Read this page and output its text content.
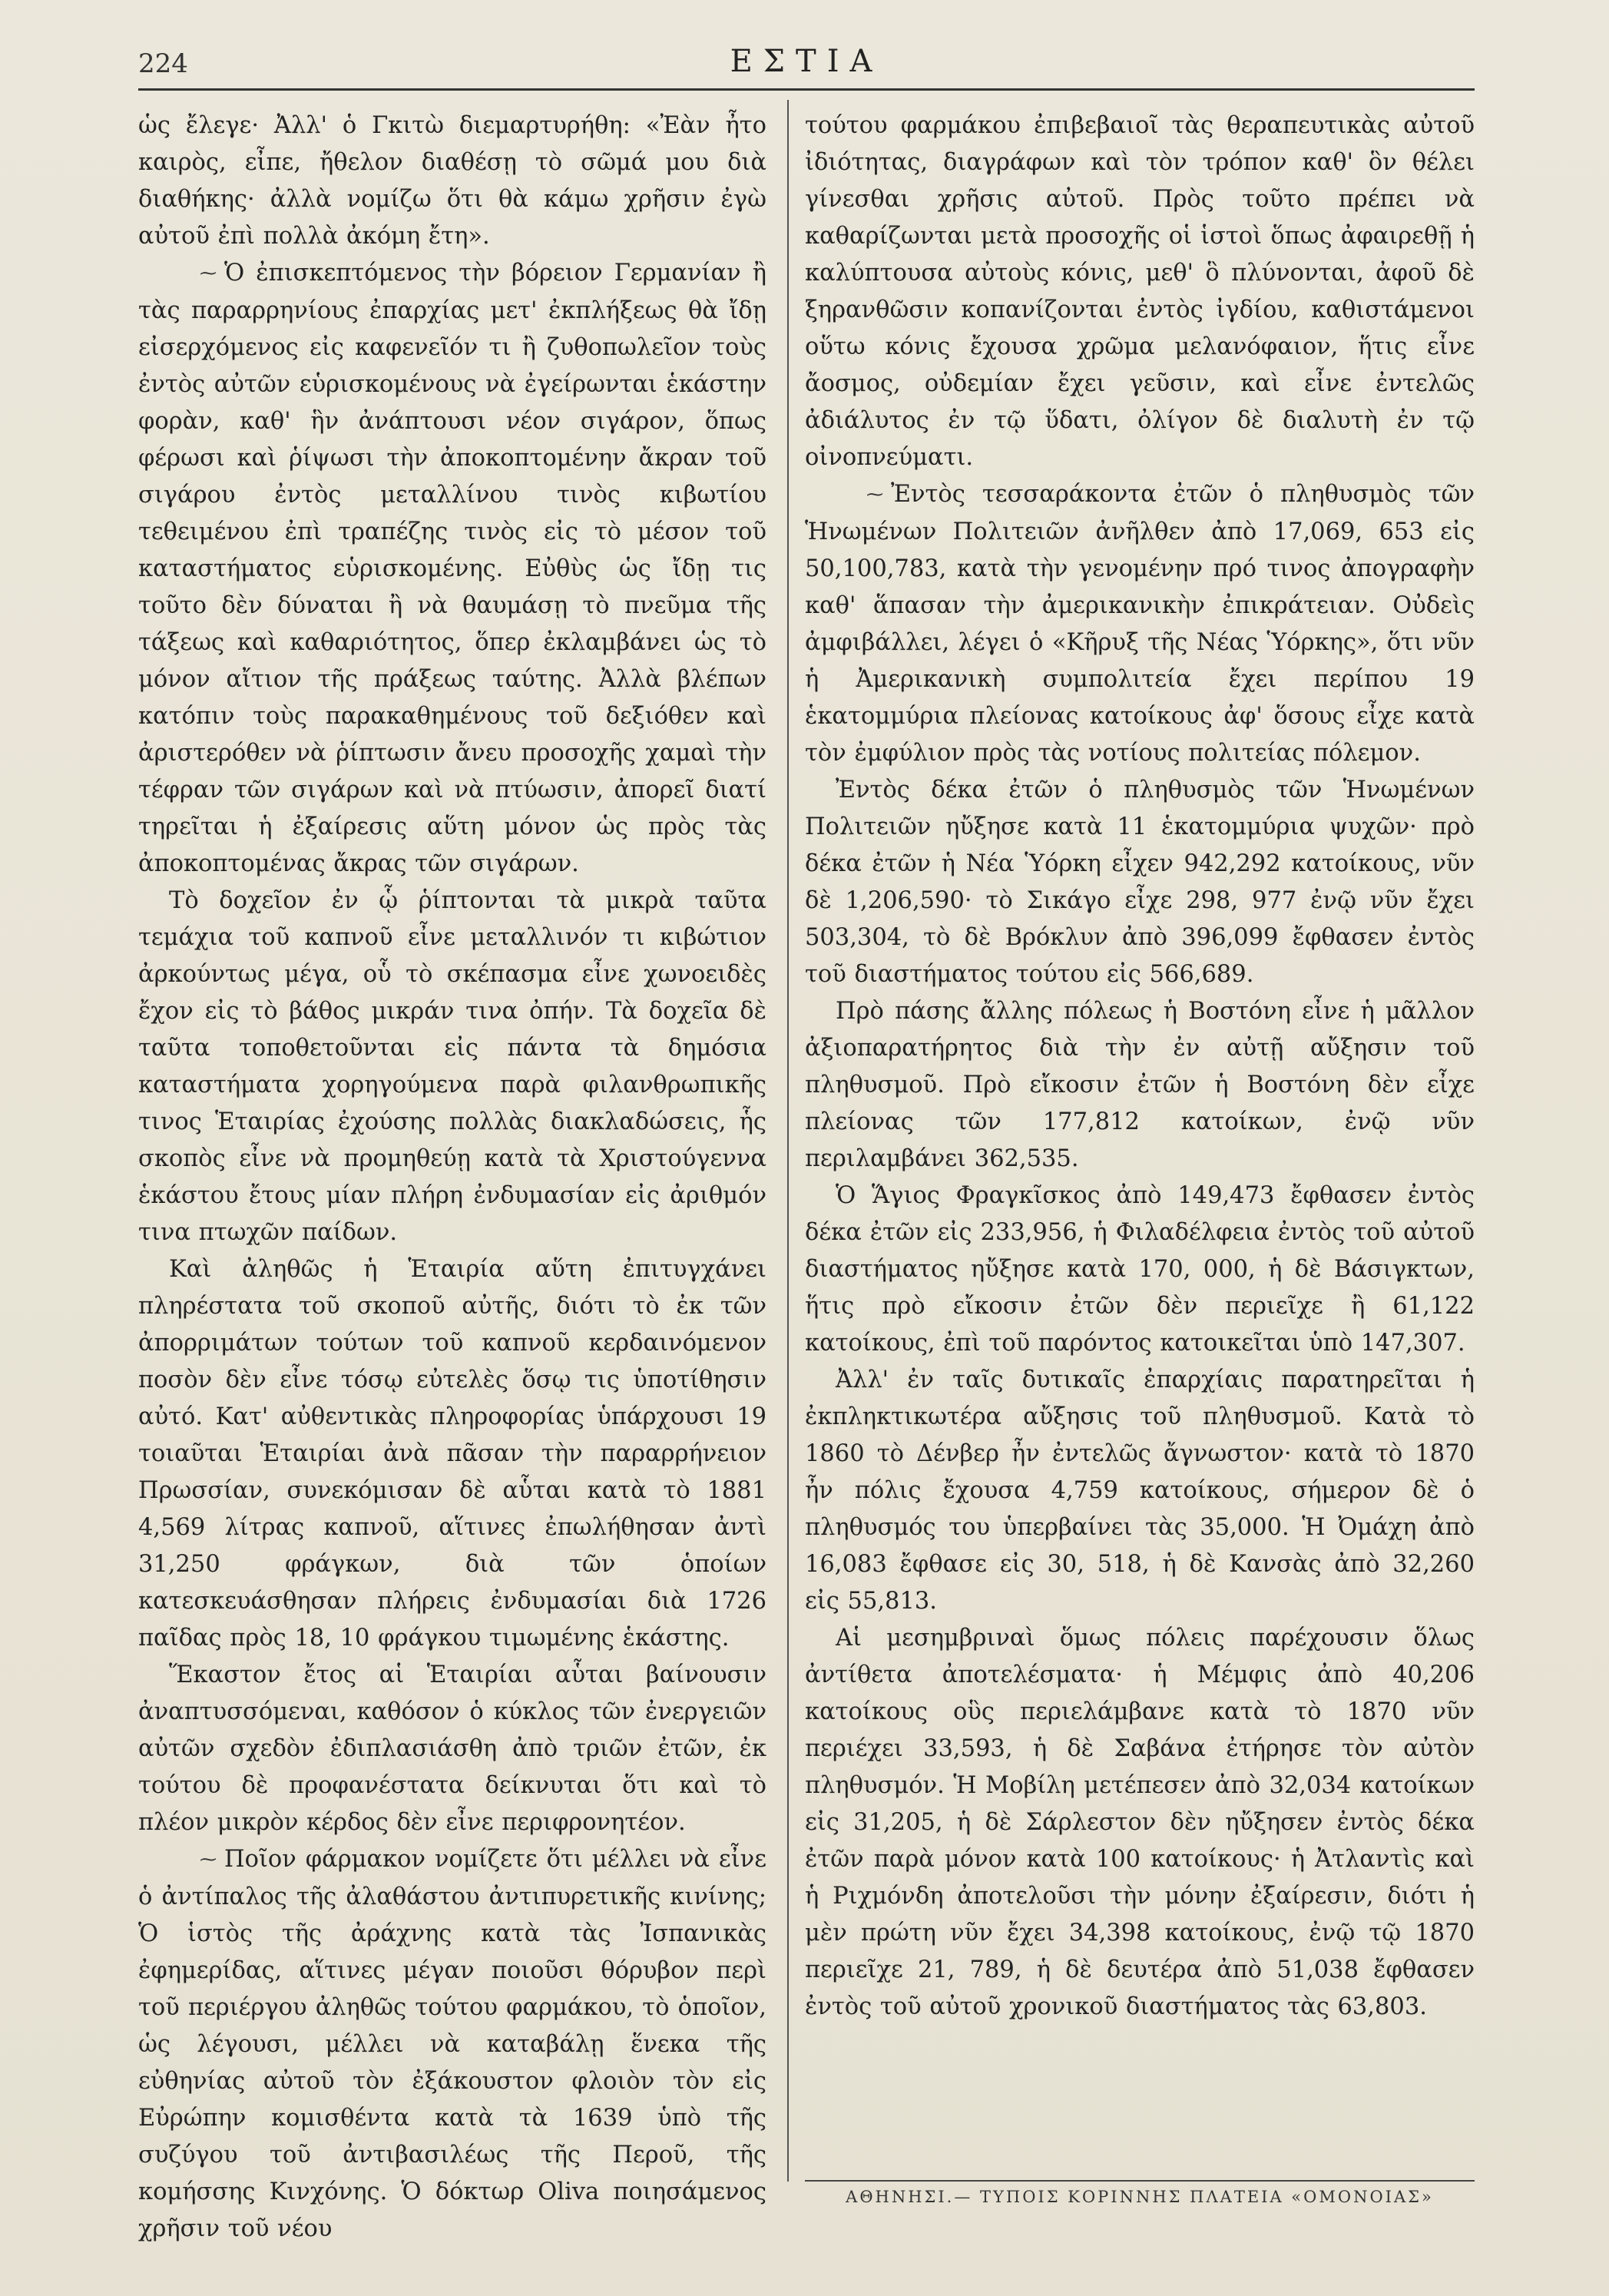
224	ΕΣΤΙΑ

ὡς ἔλεγε· Ἀλλ' ὁ Γκιτὼ διεμαρτυρήθη: «Ἐὰν ἦτο καιρὸς, εἶπε, ἤθελον διαθέσῃ τὸ σῶμά μου διὰ διαθήκης· ἀλλὰ νομίζω ὅτι θὰ κάμω χρῆσιν ἐγὼ αὐτοῦ ἐπὶ πολλὰ ἀκόμη ἔτη».

⁓ Ὁ ἐπισκεπτόμενος τὴν βόρειον Γερμανίαν ἢ τὰς παραρρηνίους ἐπαρχίας μετ' ἐκπλήξεως θὰ ἴδῃ εἰσερχόμενος εἰς καφενεῖόν τι ἢ ζυθοπωλεῖον τοὺς ἐντὸς αὐτῶν εὑρισκομένους νὰ ἐγείρωνται ἑκάστην φορὰν, καθ' ἣν ἀνάπτουσι νέον σιγάρον, ὅπως φέρωσι καὶ ῥίψωσι τὴν ἀποκοπτομένην ἄκραν τοῦ σιγάρου ἐντὸς μεταλλίνου τινὸς κιβωτίου τεθειμένου ἐπὶ τραπέζης τινὸς εἰς τὸ μέσον τοῦ καταστήματος εὑρισκομένης. Εὐθὺς ὡς ἴδῃ τις τοῦτο δὲν δύναται ἢ νὰ θαυμάσῃ τὸ πνεῦμα τῆς τάξεως καὶ καθαριότητος, ὅπερ ἐκλαμβάνει ὡς τὸ μόνον αἴτιον τῆς πράξεως ταύτης. Ἀλλὰ βλέπων κατόπιν τοὺς παρακαθημένους τοῦ δεξιόθεν καὶ ἀριστερόθεν νὰ ῥίπτωσιν ἄνευ προσοχῆς χαμαὶ τὴν τέφραν τῶν σιγάρων καὶ νὰ πτύωσιν, ἀπορεῖ διατί τηρεῖται ἡ ἐξαίρεσις αὕτη μόνον ὡς πρὸς τὰς ἀποκοπτομένας ἄκρας τῶν σιγάρων.

Τὸ δοχεῖον ἐν ᾧ ῥίπτονται τὰ μικρὰ ταῦτα τεμάχια τοῦ καπνοῦ εἶνε μεταλλινόν τι κιβώτιον ἀρκούντως μέγα, οὗ τὸ σκέπασμα εἶνε χωνοειδὲς ἔχον εἰς τὸ βάθος μικράν τινα ὀπήν. Τὰ δοχεῖα δὲ ταῦτα τοποθετοῦνται εἰς πάντα τὰ δημόσια καταστήματα χορηγούμενα παρὰ φιλανθρωπικῆς τινος Ἑταιρίας ἐχούσης πολλὰς διακλαδώσεις, ἧς σκοπὸς εἶνε νὰ προμηθεύῃ κατὰ τὰ Χριστούγεννα ἑκάστου ἔτους μίαν πλήρη ἐνδυμασίαν εἰς ἀριθμόν τινα πτωχῶν παίδων.

Καὶ ἀληθῶς ἡ Ἑταιρία αὕτη ἐπιτυγχάνει πληρέστατα τοῦ σκοποῦ αὐτῆς, διότι τὸ ἐκ τῶν ἀπορριμάτων τούτων τοῦ καπνοῦ κερδαινόμενον ποσὸν δὲν εἶνε τόσῳ εὐτελὲς ὅσῳ τις ὑποτίθησιν αὐτό. Κατ' αὐθεντικὰς πληροφορίας ὑπάρχουσι 19 τοιαῦται Ἑταιρίαι ἀνὰ πᾶσαν τὴν παραρρήνειον Πρωσσίαν, συνεκόμισαν δὲ αὗται κατὰ τὸ 1881 4,569 λίτρας καπνοῦ, αἵτινες ἐπωλήθησαν ἀντὶ 31,250 φράγκων, διὰ τῶν ὁποίων κατεσκευάσθησαν πλήρεις ἐνδυμασίαι διὰ 1726 παῖδας πρὸς 18, 10 φράγκου τιμωμένης ἑκάστης.

Ἕκαστον ἔτος αἱ Ἑταιρίαι αὗται βαίνουσιν ἀναπτυσσόμεναι, καθόσον ὁ κύκλος τῶν ἐνεργειῶν αὐτῶν σχεδὸν ἐδιπλασιάσθη ἀπὸ τριῶν ἐτῶν, ἐκ τούτου δὲ προφανέστατα δείκνυται ὅτι καὶ τὸ πλέον μικρὸν κέρδος δὲν εἶνε περιφρονητέον.

⁓ Ποῖον φάρμακον νομίζετε ὅτι μέλλει νὰ εἶνε ὁ ἀντίπαλος τῆς ἀλαθάστου ἀντιπυρετικῆς κινίνης; Ὁ ἱστὸς τῆς ἀράχνης κατὰ τὰς Ἰσπανικὰς ἐφημερίδας, αἵτινες μέγαν ποιοῦσι θόρυβον περὶ τοῦ περιέργου ἀληθῶς τούτου φαρμάκου, τὸ ὁποῖον, ὡς λέγουσι, μέλλει νὰ καταβάλῃ ἕνεκα τῆς εὐθηνίας αὐτοῦ τὸν ἐξάκουστον φλοιὸν τὸν εἰς Εὐρώπην κομισθέντα κατὰ τὰ 1639 ὑπὸ τῆς συζύγου τοῦ ἀντιβασιλέως τῆς Περοῦ, τῆς κομήσσης Κινχόνης. Ὁ δόκτωρ Oliva ποιησάμενος χρῆσιν τοῦ νέου

τούτου φαρμάκου ἐπιβεβαιοῖ τὰς θεραπευτικὰς αὐτοῦ ἰδιότητας, διαγράφων καὶ τὸν τρόπον καθ' ὃν θέλει γίνεσθαι χρῆσις αὐτοῦ. Πρὸς τοῦτο πρέπει νὰ καθαρίζωνται μετὰ προσοχῆς οἱ ἱστοὶ ὅπως ἀφαιρεθῇ ἡ καλύπτουσα αὐτοὺς κόνις, μεθ' ὃ πλύνονται, ἀφοῦ δὲ ξηρανθῶσιν κοπανίζονται ἐντὸς ἰγδίου, καθιστάμενοι οὕτω κόνις ἔχουσα χρῶμα μελανόφαιον, ἥτις εἶνε ἄοσμος, οὐδεμίαν ἔχει γεῦσιν, καὶ εἶνε ἐντελῶς ἀδιάλυτος ἐν τῷ ὕδατι, ὀλίγον δὲ διαλυτὴ ἐν τῷ οἰνοπνεύματι.

⁓ Ἐντὸς τεσσαράκοντα ἐτῶν ὁ πληθυσμὸς τῶν Ἡνωμένων Πολιτειῶν ἀνῆλθεν ἀπὸ 17,069, 653 εἰς 50,100,783, κατὰ τὴν γενομένην πρό τινος ἀπογραφὴν καθ' ἅπασαν τὴν ἀμερικανικὴν ἐπικράτειαν. Οὐδεὶς ἀμφιβάλλει, λέγει ὁ «Κῆρυξ τῆς Νέας Ὑόρκης», ὅτι νῦν ἡ Ἀμερικανικὴ συμπολιτεία ἔχει περίπου 19 ἑκατομμύρια πλείονας κατοίκους ἀφ' ὅσους εἶχε κατὰ τὸν ἐμφύλιον πρὸς τὰς νοτίους πολιτείας πόλεμον.

Ἐντὸς δέκα ἐτῶν ὁ πληθυσμὸς τῶν Ἡνωμένων Πολιτειῶν ηὔξησε κατὰ 11 ἑκατομμύρια ψυχῶν· πρὸ δέκα ἐτῶν ἡ Νέα Ὑόρκη εἶχεν 942,292 κατοίκους, νῦν δὲ 1,206,590· τὸ Σικάγο εἶχε 298, 977 ἐνῷ νῦν ἔχει 503,304, τὸ δὲ Βρόκλυν ἀπὸ 396,099 ἔφθασεν ἐντὸς τοῦ διαστήματος τούτου εἰς 566,689.

Πρὸ πάσης ἄλλης πόλεως ἡ Βοστόνη εἶνε ἡ μᾶλλον ἀξιοπαρατήρητος διὰ τὴν ἐν αὐτῇ αὔξησιν τοῦ πληθυσμοῦ. Πρὸ εἴκοσιν ἐτῶν ἡ Βοστόνη δὲν εἶχε πλείονας τῶν 177,812 κατοίκων, ἐνῷ νῦν περιλαμβάνει 362,535.

Ὁ Ἅγιος Φραγκῖσκος ἀπὸ 149,473 ἔφθασεν ἐντὸς δέκα ἐτῶν εἰς 233,956, ἡ Φιλαδέλφεια ἐντὸς τοῦ αὐτοῦ διαστήματος ηὔξησε κατὰ 170, 000, ἡ δὲ Βάσιγκτων, ἥτις πρὸ εἴκοσιν ἐτῶν δὲν περιεῖχε ἢ 61,122 κατοίκους, ἐπὶ τοῦ παρόντος κατοικεῖται ὑπὸ 147,307.

Ἀλλ' ἐν ταῖς δυτικαῖς ἐπαρχίαις παρατηρεῖται ἡ ἐκπληκτικωτέρα αὔξησις τοῦ πληθυσμοῦ. Κατὰ τὸ 1860 τὸ Δένβερ ἦν ἐντελῶς ἄγνωστον· κατὰ τὸ 1870 ἦν πόλις ἔχουσα 4,759 κατοίκους, σήμερον δὲ ὁ πληθυσμός του ὑπερβαίνει τὰς 35,000. Ἡ Ὀμάχη ἀπὸ 16,083 ἔφθασε εἰς 30, 518, ἡ δὲ Κανσὰς ἀπὸ 32,260 εἰς 55,813.

Αἱ μεσημβριναὶ ὅμως πόλεις παρέχουσιν ὅλως ἀντίθετα ἀποτελέσματα· ἡ Μέμφις ἀπὸ 40,206 κατοίκους οὓς περιελάμβανε κατὰ τὸ 1870 νῦν περιέχει 33,593, ἡ δὲ Σαβάνα ἐτήρησε τὸν αὐτὸν πληθυσμόν. Ἡ Μοβίλη μετέπεσεν ἀπὸ 32,034 κατοίκων εἰς 31,205, ἡ δὲ Σάρλεστον δὲν ηὔξησεν ἐντὸς δέκα ἐτῶν παρὰ μόνον κατὰ 100 κατοίκους· ἡ Ἀτλαντὶς καὶ ἡ Ριχμόνδη ἀποτελοῦσι τὴν μόνην ἐξαίρεσιν, διότι ἡ μὲν πρώτη νῦν ἔχει 34,398 κατοίκους, ἐνῷ τῷ 1870 περιεῖχε 21, 789, ἡ δὲ δευτέρα ἀπὸ 51,038 ἔφθασεν ἐντὸς τοῦ αὐτοῦ χρονικοῦ διαστήματος τὰς 63,803.

ΑΘΗΝΗΣΙ.— ΤΥΠΟΙΣ ΚΟΡΙΝΝΗΣ ΠΛΑΤΕΙΑ «ΟΜΟΝΟΙΑΣ»
